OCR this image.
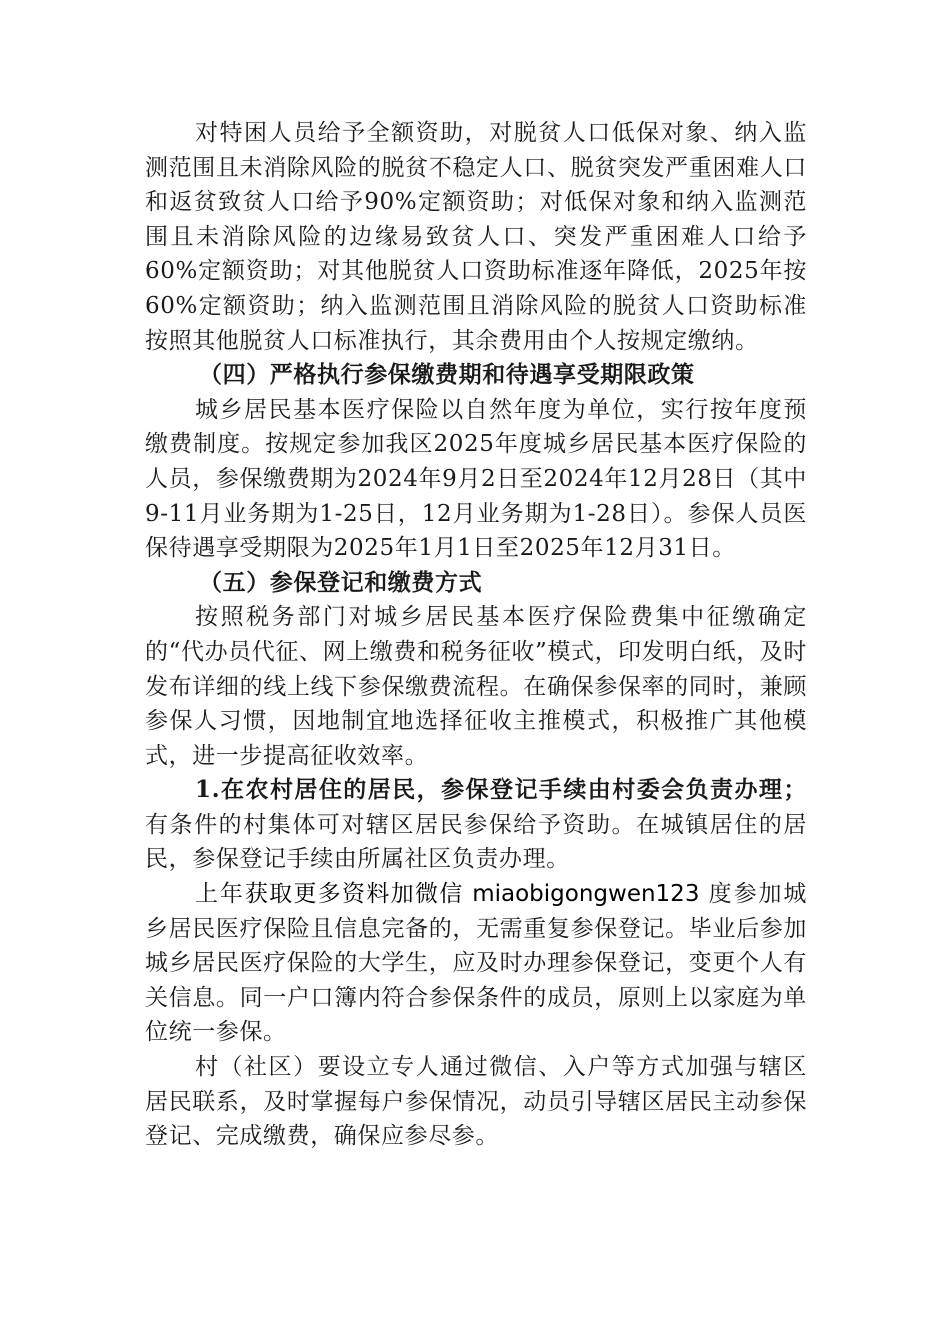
对特困人员给予全额资助，对脱贫人口低保对象、纳入监测范围且未消除风险的脱贫不稳定人口、脱贫突发严重困难人口和返贫致贫人口给予90%定额资助；对低保对象和纳入监测范围且未消除风险的边缘易致贫人口、突发严重困难人口给予60%定额资助；对其他脱贫人口资助标准逐年降低，2025年按60%定额资助；纳入监测范围且消除风险的脱贫人口资助标准按照其他脱贫人口标准执行，其余费用由个人按规定缴纳。

（四）严格执行参保缴费期和待遇享受期限政策

城乡居民基本医疗保险以自然年度为单位，实行按年度预缴费制度。按规定参加我区2025年度城乡居民基本医疗保险的人员，参保缴费期为2024年9月2日至2024年12月28日（其中9-11月业务期为1-25日，12月业务期为1-28日）。参保人员医保待遇享受期限为2025年1月1日至2025年12月31日。

（五）参保登记和缴费方式

按照税务部门对城乡居民基本医疗保险费集中征缴确定的“代办员代征、网上缴费和税务征收”模式，印发明白纸，及时发布详细的线上线下参保缴费流程。在确保参保率的同时，兼顾参保人习惯，因地制宜地选择征收主推模式，积极推广其他模式，进一步提高征收效率。

1.在农村居住的居民，参保登记手续由村委会负责办理；有条件的村集体可对辖区居民参保给予资助。在城镇居住的居民，参保登记手续由所属社区负责办理。

上年获取更多资料加微信 miaobigongwen123 度参加城乡居民医疗保险且信息完备的，无需重复参保登记。毕业后参加城乡居民医疗保险的大学生，应及时办理参保登记，变更个人有关信息。同一户口簿内符合参保条件的成员，原则上以家庭为单位统一参保。

村（社区）要设立专人通过微信、入户等方式加强与辖区居民联系，及时掌握每户参保情况，动员引导辖区居民主动参保登记、完成缴费，确保应参尽参。
